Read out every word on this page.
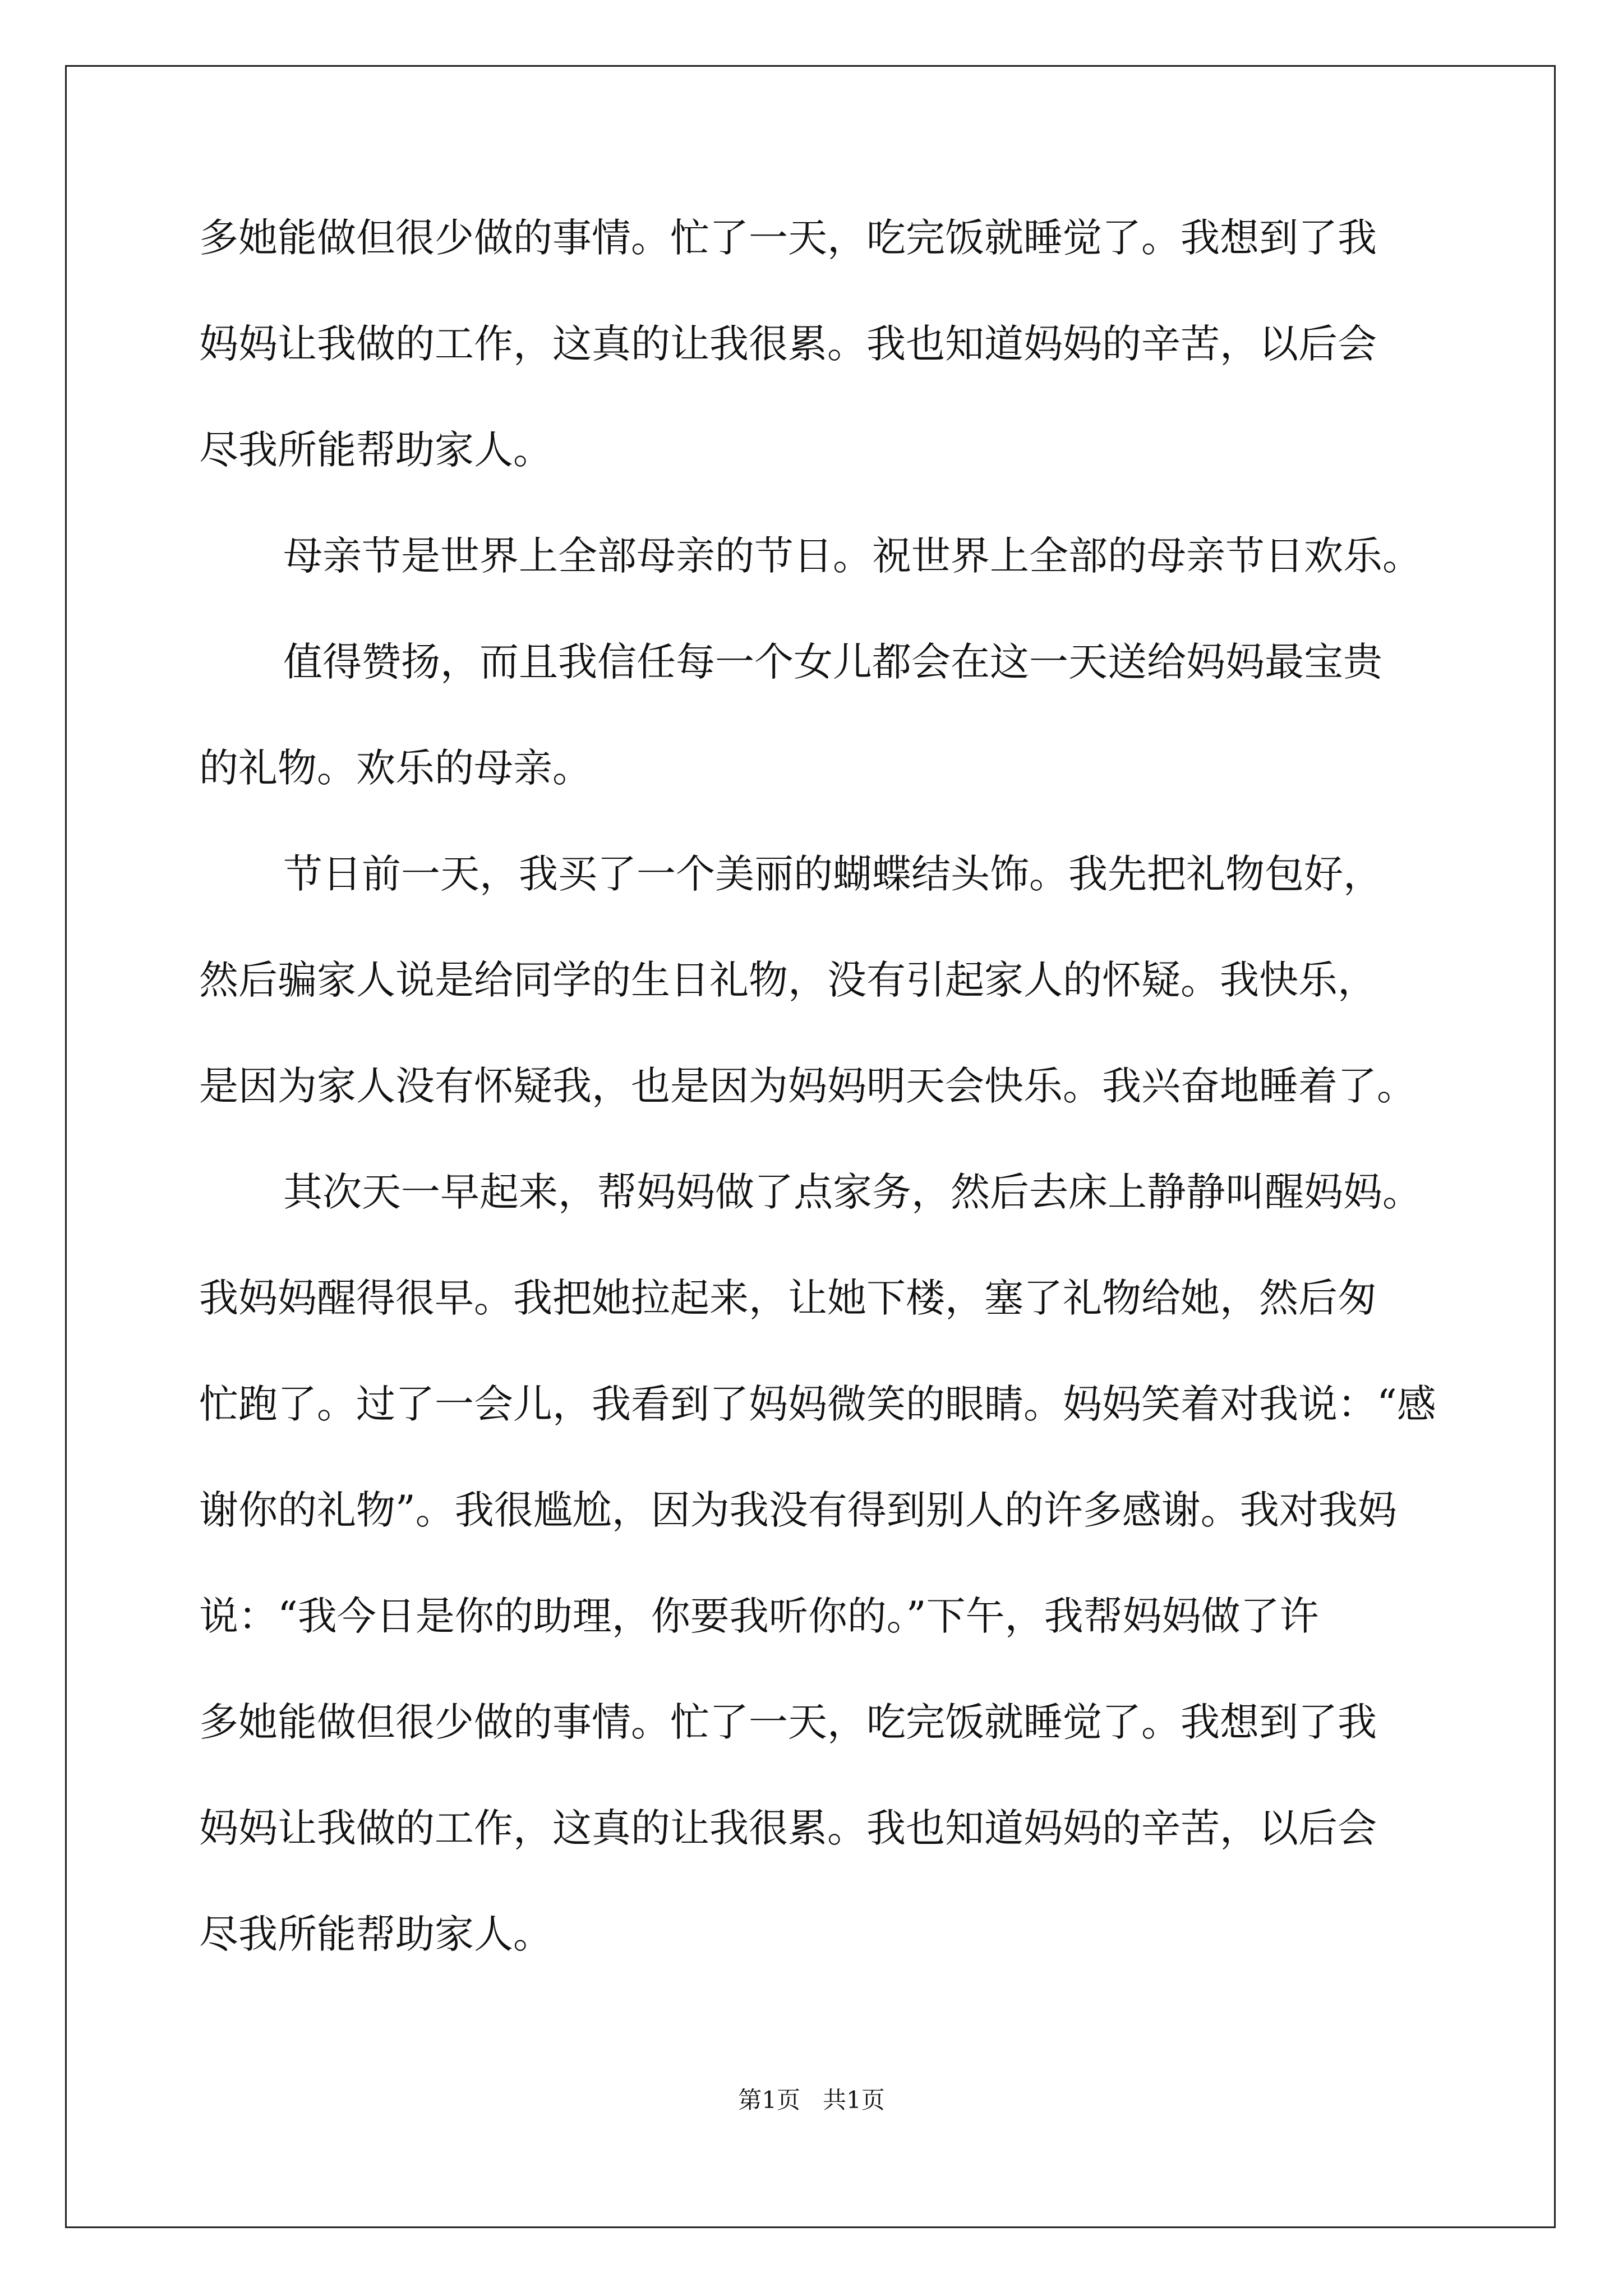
多她能做但很少做的事情。忙了一天，吃完饭就睡觉了。我想到了我
妈妈让我做的工作，这真的让我很累。我也知道妈妈的辛苦，以后会
尽我所能帮助家人。
母亲节是世界上全部母亲的节日。祝世界上全部的母亲节日欢乐。
值得赞扬，而且我信任每一个女儿都会在这一天送给妈妈最宝贵
的礼物。欢乐的母亲。
节日前一天，我买了一个美丽的蝴蝶结头饰。我先把礼物包好，
然后骗家人说是给同学的生日礼物，没有引起家人的怀疑。我快乐，
是因为家人没有怀疑我，也是因为妈妈明天会快乐。我兴奋地睡着了。
其次天一早起来，帮妈妈做了点家务，然后去床上静静叫醒妈妈。
我妈妈醒得很早。我把她拉起来，让她下楼，塞了礼物给她，然后匆
忙跑了。过了一会儿，我看到了妈妈微笑的眼睛。妈妈笑着对我说：“感
谢你的礼物”。我很尴尬，因为我没有得到别人的许多感谢。我对我妈
说：“我今日是你的助理，你要我听你的。”下午，我帮妈妈做了许
多她能做但很少做的事情。忙了一天，吃完饭就睡觉了。我想到了我
妈妈让我做的工作，这真的让我很累。我也知道妈妈的辛苦，以后会
尽我所能帮助家人。
第1页   共1页
